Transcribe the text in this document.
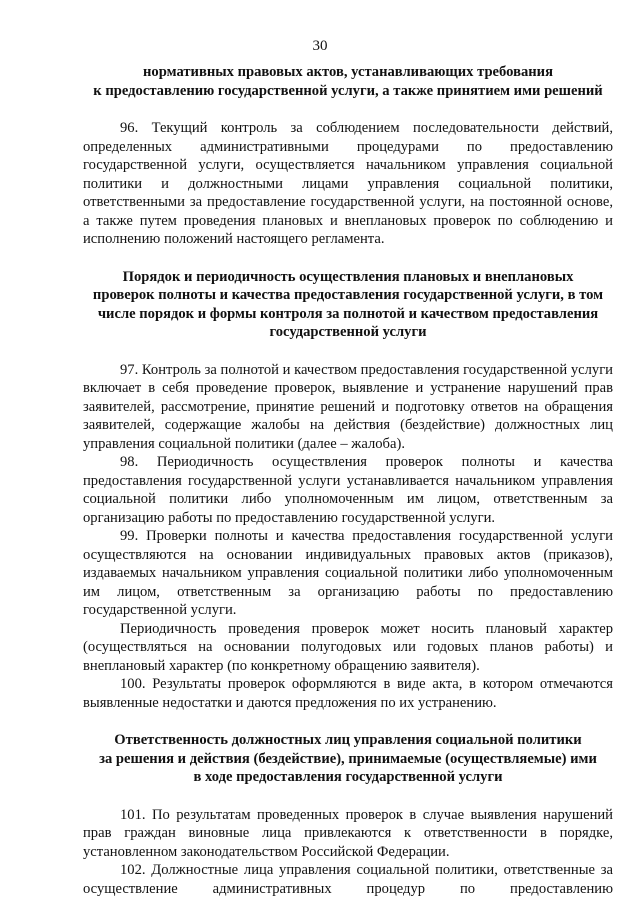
30
нормативных правовых актов, устанавливающих требования
к предоставлению государственной услуги, а также принятием ими решений

96. Текущий контроль за соблюдением последовательности действий, определенных административными процедурами по предоставлению государственной услуги, осуществляется начальником управления социальной политики и должностными лицами управления социальной политики, ответственными за предоставление государственной услуги, на постоянной основе, а также путем проведения плановых и внеплановых проверок по соблюдению и исполнению положений настоящего регламента.

Порядок и периодичность осуществления плановых и внеплановых
проверок полноты и качества предоставления государственной услуги, в том
числе порядок и формы контроля за полнотой и качеством предоставления
государственной услуги

97. Контроль за полнотой и качеством предоставления государственной услуги включает в себя проведение проверок, выявление и устранение нарушений прав заявителей, рассмотрение, принятие решений и подготовку ответов на обращения заявителей, содержащие жалобы на действия (бездействие) должностных лиц управления социальной политики (далее – жалоба).

98. Периодичность осуществления проверок полноты и качества предоставления государственной услуги устанавливается начальником управления социальной политики либо уполномоченным им лицом, ответственным за организацию работы по предоставлению государственной услуги.

99. Проверки полноты и качества предоставления государственной услуги осуществляются на основании индивидуальных правовых актов (приказов), издаваемых начальником управления социальной политики либо уполномоченным им лицом, ответственным за организацию работы по предоставлению государственной услуги.

Периодичность проведения проверок может носить плановый характер (осуществляться на основании полугодовых или годовых планов работы) и внеплановый характер (по конкретному обращению заявителя).

100. Результаты проверок оформляются в виде акта, в котором отмечаются выявленные недостатки и даются предложения по их устранению.

Ответственность должностных лиц управления социальной политики
за решения и действия (бездействие), принимаемые (осуществляемые) ими
в ходе предоставления государственной услуги

101. По результатам проведенных проверок в случае выявления нарушений прав граждан виновные лица привлекаются к ответственности в порядке, установленном законодательством Российской Федерации.

102. Должностные лица управления социальной политики, ответственные за осуществление административных процедур по предоставлению
